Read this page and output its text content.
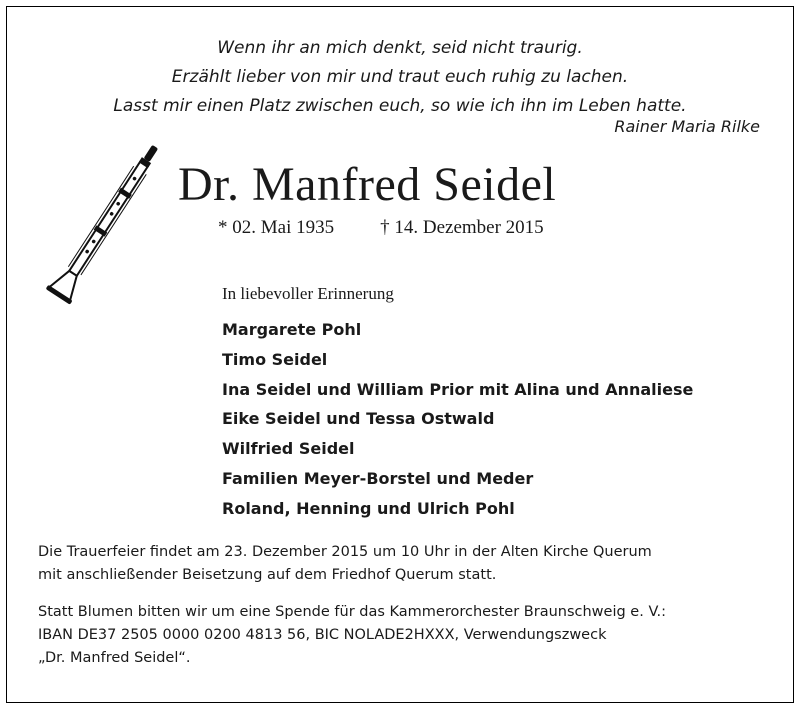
Wenn ihr an mich denkt, seid nicht traurig.
Erzählt lieber von mir und traut euch ruhig zu lachen.
Lasst mir einen Platz zwischen euch, so wie ich ihn im Leben hatte.
Rainer Maria Rilke
Dr. Manfred Seidel
* 02. Mai 1935 † 14. Dezember 2015
In liebevoller Erinnerung
Margarete Pohl
Timo Seidel
Ina Seidel und William Prior mit Alina und Annaliese
Eike Seidel und Tessa Ostwald
Wilfried Seidel
Familien Meyer-Borstel und Meder
Roland, Henning und Ulrich Pohl
Die Trauerfeier findet am 23. Dezember 2015 um 10 Uhr in der Alten Kirche Querum
mit anschließender Beisetzung auf dem Friedhof Querum statt.
Statt Blumen bitten wir um eine Spende für das Kammerorchester Braunschweig e. V.:
IBAN DE37 2505 0000 0200 4813 56, BIC NOLADE2HXXX, Verwendungszweck
„Dr. Manfred Seidel“.
